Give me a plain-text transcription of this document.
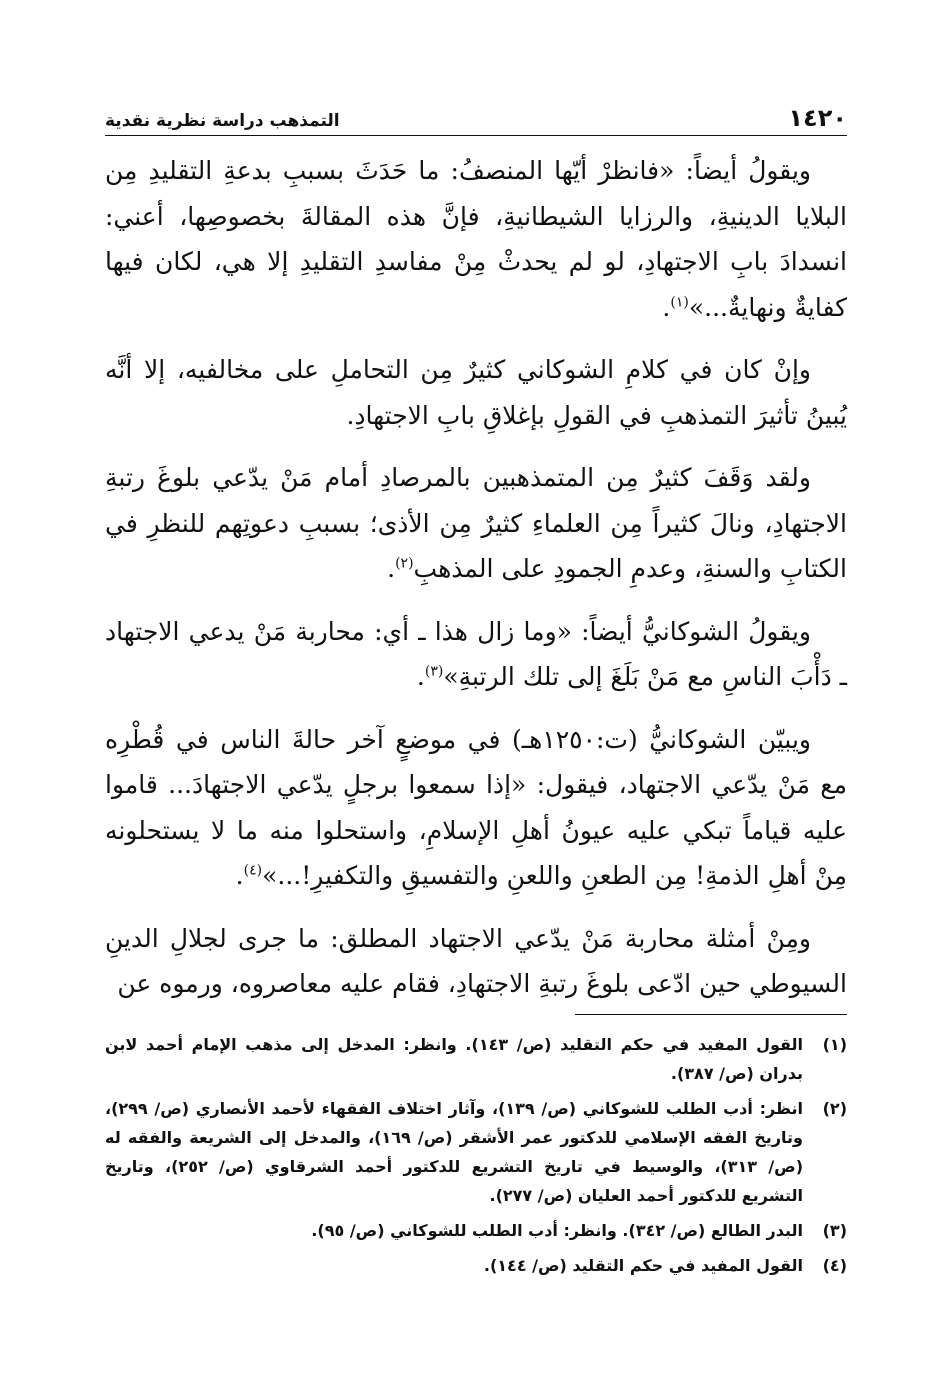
١٤٢٠
التمذهب دراسة نظرية نقدية

ويقولُ أيضاً: «فانظرْ أيّها المنصفُ: ما حَدَثَ بسببِ بدعةِ التقليدِ مِن البلايا الدينيةِ، والرزايا الشيطانيةِ، فإنَّ هذه المقالةَ بخصوصِها، أعني: انسدادَ بابِ الاجتهادِ، لو لم يحدثْ مِنْ مفاسدِ التقليدِ إلا هي، لكان فيها كفايةٌ ونهايةٌ...»$^{(١)}$.

وإنْ كان في كلامِ الشوكاني كثيرٌ مِن التحاملِ على مخالفيه، إلا أنَّه يُبينُ تأثيرَ التمذهبِ في القولِ بإغلاقِ بابِ الاجتهادِ.

ولقد وَقَفَ كثيرٌ مِن المتمذهبين بالمرصادِ أمام مَنْ يدّعي بلوغَ رتبةِ الاجتهادِ، ونالَ كثيراً مِن العلماءِ كثيرٌ مِن الأذى؛ بسببِ دعوتِهم للنظرِ في الكتابِ والسنةِ، وعدمِ الجمودِ على المذهبِ$^{(٢)}$.

ويقولُ الشوكانيُّ أيضاً: «وما زال هذا ـ أي: محاربة مَنْ يدعي الاجتهاد ـ دَأْبَ الناسِ مع مَنْ بَلَغَ إلى تلك الرتبةِ»$^{(٣)}$.

ويبيّن الشوكانيُّ (ت:١٢٥٠هـ) في موضعٍ آخر حالةَ الناس في قُطْرِه مع مَنْ يدّعي الاجتهاد، فيقول: «إذا سمعوا برجلٍ يدّعي الاجتهادَ... قاموا عليه قياماً تبكي عليه عيونُ أهلِ الإسلامِ، واستحلوا منه ما لا يستحلونه مِنْ أهلِ الذمةِ! مِن الطعنِ واللعنِ والتفسيقِ والتكفيرِ!...»$^{(٤)}$.

ومِنْ أمثلة محاربة مَنْ يدّعي الاجتهاد المطلق: ما جرى لجلالِ الدينِ السيوطي حين ادّعى بلوغَ رتبةِ الاجتهادِ، فقام عليه معاصروه، ورموه عن

(١)
القول المفيد في حكم التقليد (ص/ ١٤٣). وانظر: المدخل إلى مذهب الإمام أحمد لابن بدران (ص/ ٣٨٧).
(٢)
انظر: أدب الطلب للشوكاني (ص/ ١٣٩)، وآثار اختلاف الفقهاء لأحمد الأنصاري (ص/ ٢٩٩)، وتاريخ الفقه الإسلامي للدكتور عمر الأشقر (ص/ ١٦٩)، والمدخل إلى الشريعة والفقه له (ص/ ٣١٣)، والوسيط في تاريخ التشريع للدكتور أحمد الشرقاوي (ص/ ٢٥٢)، وتاريخ التشريع للدكتور أحمد العليان (ص/ ٢٧٧).
(٣)
البدر الطالع (ص/ ٣٤٢). وانظر: أدب الطلب للشوكاني (ص/ ٩٥).
(٤)
القول المفيد في حكم التقليد (ص/ ١٤٤).
